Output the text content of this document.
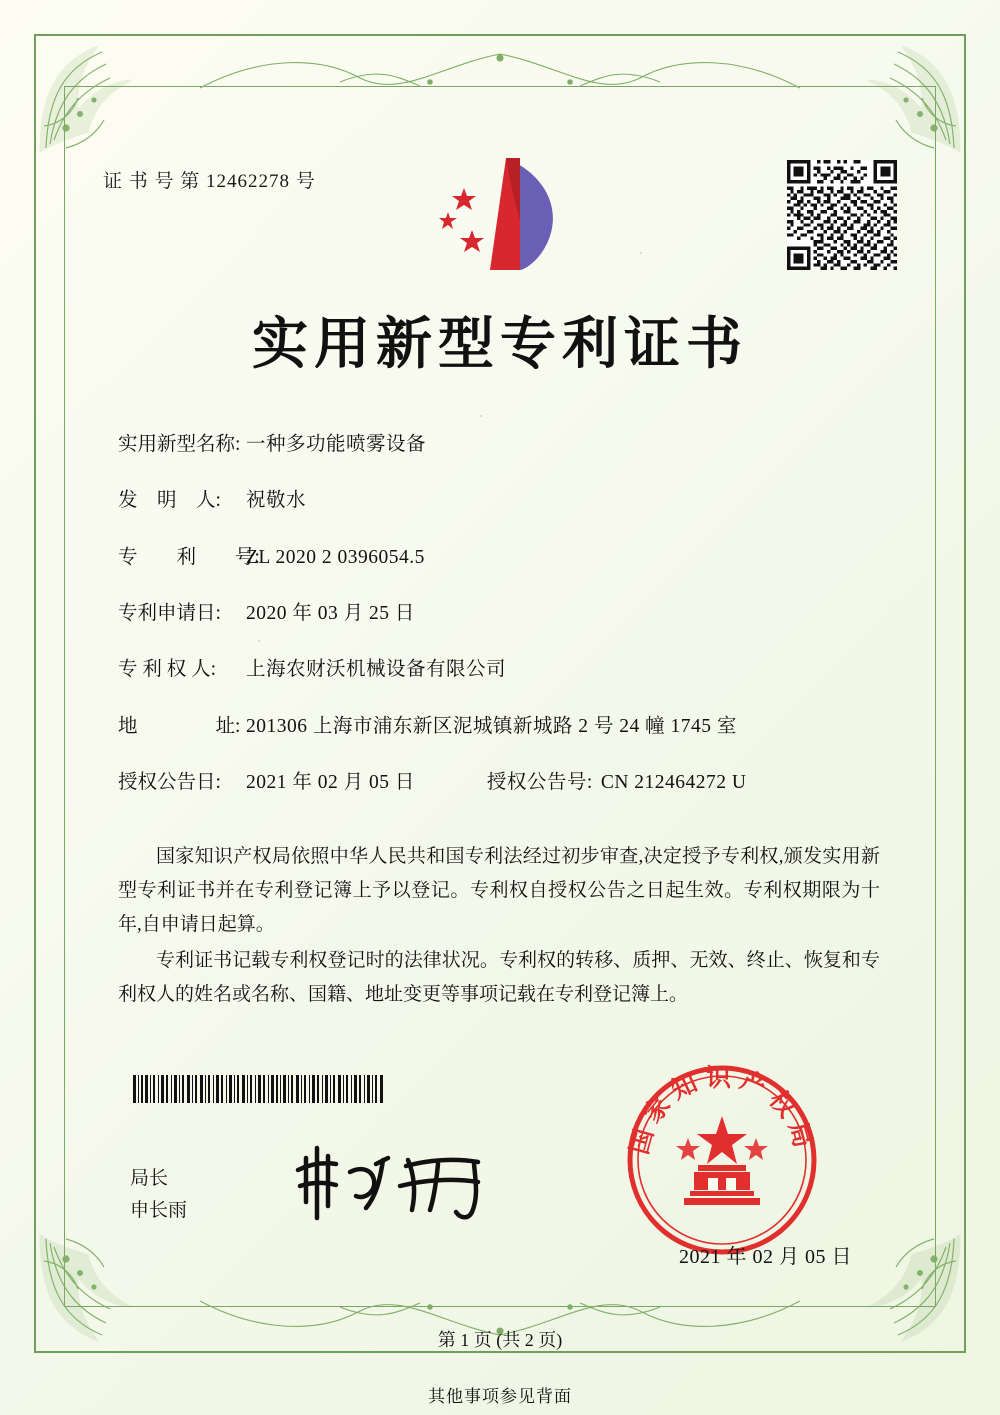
证 书 号 第 12462278 号
实用新型专利证书
实用新型名称: 一种多功能喷雾设备
发　明　人: 祝敬水
专　　利　　号:ZL 2020 2 0396054.5
专利申请日: 2020 年 03 月 25 日
专 利 权 人: 上海农财沃机械设备有限公司
地　　　　址: 201306 上海市浦东新区泥城镇新城路 2 号 24 幢 1745 室
授权公告日: 2021 年 02 月 05 日	授权公告号: CN 212464272 U

国家知识产权局依照中华人民共和国专利法经过初步审查,决定授予专利权,颁发实用新型专利证书并在专利登记簿上予以登记。专利权自授权公告之日起生效。专利权期限为十年,自申请日起算。

专利证书记载专利权登记时的法律状况。专利权的转移、质押、无效、终止、恢复和专利权人的姓名或名称、国籍、地址变更等事项记载在专利登记簿上。

局长
申长雨
国家知识产权局
2021 年 02 月 05 日
第 1 页 (共 2 页)
其他事项参见背面
